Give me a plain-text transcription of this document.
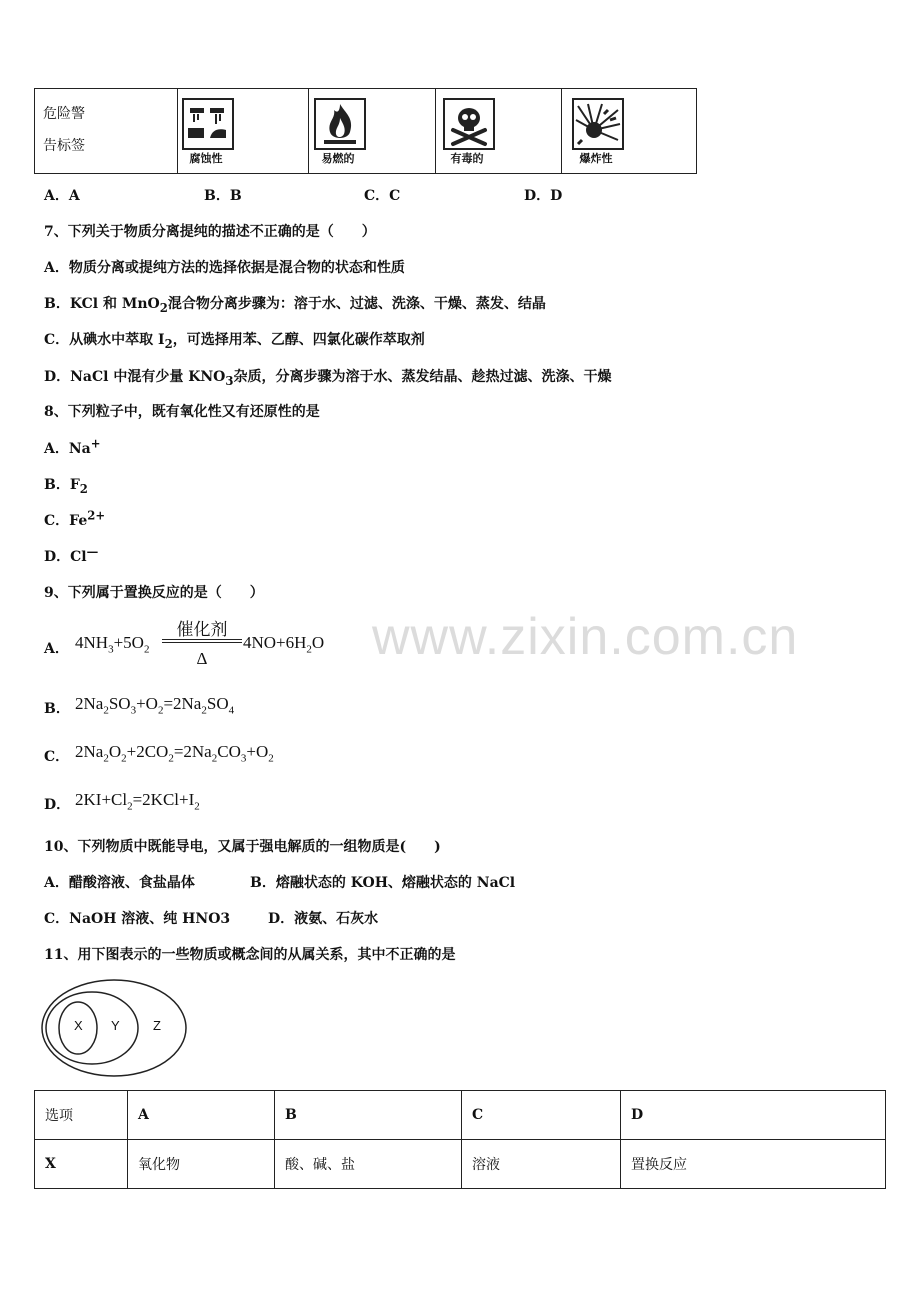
危险警
告标签

腐蚀性	易燃的	有毒的	爆炸性
A．A	B．B	C．C	D．D
7、下列关于物质分离提纯的描述不正确的是（　　）
A．物质分离或提纯方法的选择依据是混合物的状态和性质
B．KCl 和 MnO$_2$混合物分离步骤为：溶于水、过滤、洗涤、干燥、蒸发、结晶
C．从碘水中萃取 $I_2$，可选择用苯、乙醇、四氯化碳作萃取剂
D．NaCl 中混有少量 $KNO_3$杂质，分离步骤为溶于水、蒸发结晶、趁热过滤、洗涤、干燥
8、下列粒子中，既有氧化性又有还原性的是
A．Na+
B．$F_2$
C．$Fe^{2+}$
D．Cl—
9、下列属于置换反应的是（　　）
www.zixin.com.cn
A． $4NH_3+5O_2$
催化剂
Δ
$4NO+6H_2O$
B． $2Na_2SO_3+O_2=2Na_2SO_4$
C． $2Na_2O_2+2CO_2=2Na_2CO_3+O_2$
D． $2KI+Cl_2=2KCl+I_2$
10、下列物质中既能导电，又属于强电解质的一组物质是(　　)
A．醋酸溶液、食盐晶体	B．熔融状态的 KOH、熔融状态的 NaCl
C．NaOH 溶液、纯 HNO3	D．液氨、石灰水
11、用下图表示的一些物质或概念间的从属关系，其中不正确的是
X Y	Z
选项	A	B	C	D
X	氧化物	酸、碱、盐	溶液	置换反应
